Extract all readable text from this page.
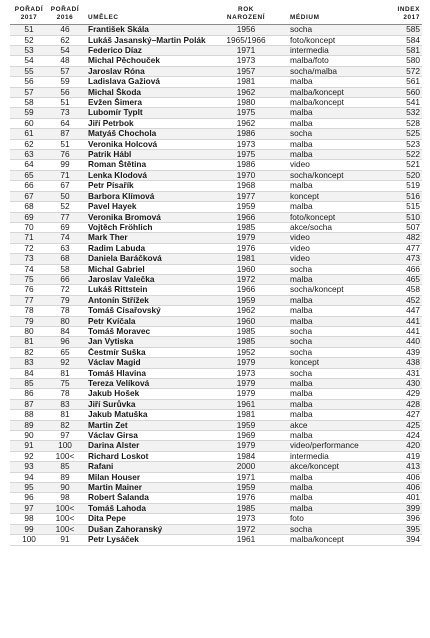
POŘADÍ
2017	POŘADÍ
2016	UMĚLEC	ROK
NAROZENÍ	MÉDIUM	INDEX
2017
51	46	František Skála	1956	socha	585
52	62	Lukáš Jasanský–Martin Polák	1965/1966	foto/koncept	584
53	54	Federico Díaz	1971	intermedia	581
54	48	Michal Pěchouček	1973	malba/foto	580
55	57	Jaroslav Róna	1957	socha/malba	572
56	59	Ladislava Gažiová	1981	malba	561
57	56	Michal Škoda	1962	malba/koncept	560
58	51	Evžen Šimera	1980	malba/koncept	541
59	73	Lubomír Typlt	1975	malba	532
60	64	Jiří Petrbok	1962	malba	528
61	87	Matyáš Chochola	1986	socha	525
62	51	Veronika Holcová	1973	malba	523
63	76	Patrik Hábl	1975	malba	522
64	99	Roman Štětina	1986	video	521
65	71	Lenka Klodová	1970	socha/koncept	520
66	67	Petr Písařík	1968	malba	519
67	50	Barbora Klímová	1977	koncept	516
68	52	Pavel Hayek	1959	malba	515
69	77	Veronika Bromová	1966	foto/koncept	510
70	69	Vojtěch Fröhlich	1985	akce/socha	507
71	74	Mark Ther	1979	video	482
72	63	Radim Labuda	1976	video	477
73	68	Daniela Baráčková	1981	video	473
74	58	Michal Gabriel	1960	socha	466
75	66	Jaroslav Valečka	1972	malba	465
76	72	Lukáš Rittstein	1966	socha/koncept	458
77	79	Antonín Střížek	1959	malba	452
78	78	Tomáš Císařovský	1962	malba	447
79	80	Petr Kvíčala	1960	malba	441
80	84	Tomáš Moravec	1985	socha	441
81	96	Jan Vytiska	1985	socha	440
82	65	Čestmír Suška	1952	socha	439
83	92	Václav Magid	1979	koncept	438
84	81	Tomáš Hlavina	1973	socha	431
85	75	Tereza Velíková	1979	malba	430
86	78	Jakub Hošek	1979	malba	429
87	83	Jiří Surůvka	1961	malba	428
88	81	Jakub Matuška	1981	malba	427
89	82	Martin Zet	1959	akce	425
90	97	Václav Girsa	1969	malba	424
91	100	Darina Alster	1979	video/performance	420
92	100<	Richard Loskot	1984	intermedia	419
93	85	Rafani	2000	akce/koncept	413
94	89	Milan Houser	1971	malba	406
95	90	Martin Mainer	1959	malba	406
96	98	Robert Šalanda	1976	malba	401
97	100<	Tomáš Lahoda	1985	malba	399
98	100<	Dita Pepe	1973	foto	396
99	100<	Dušan Zahoranský	1972	socha	395
100	91	Petr Lysáček	1961	malba/koncept	394
